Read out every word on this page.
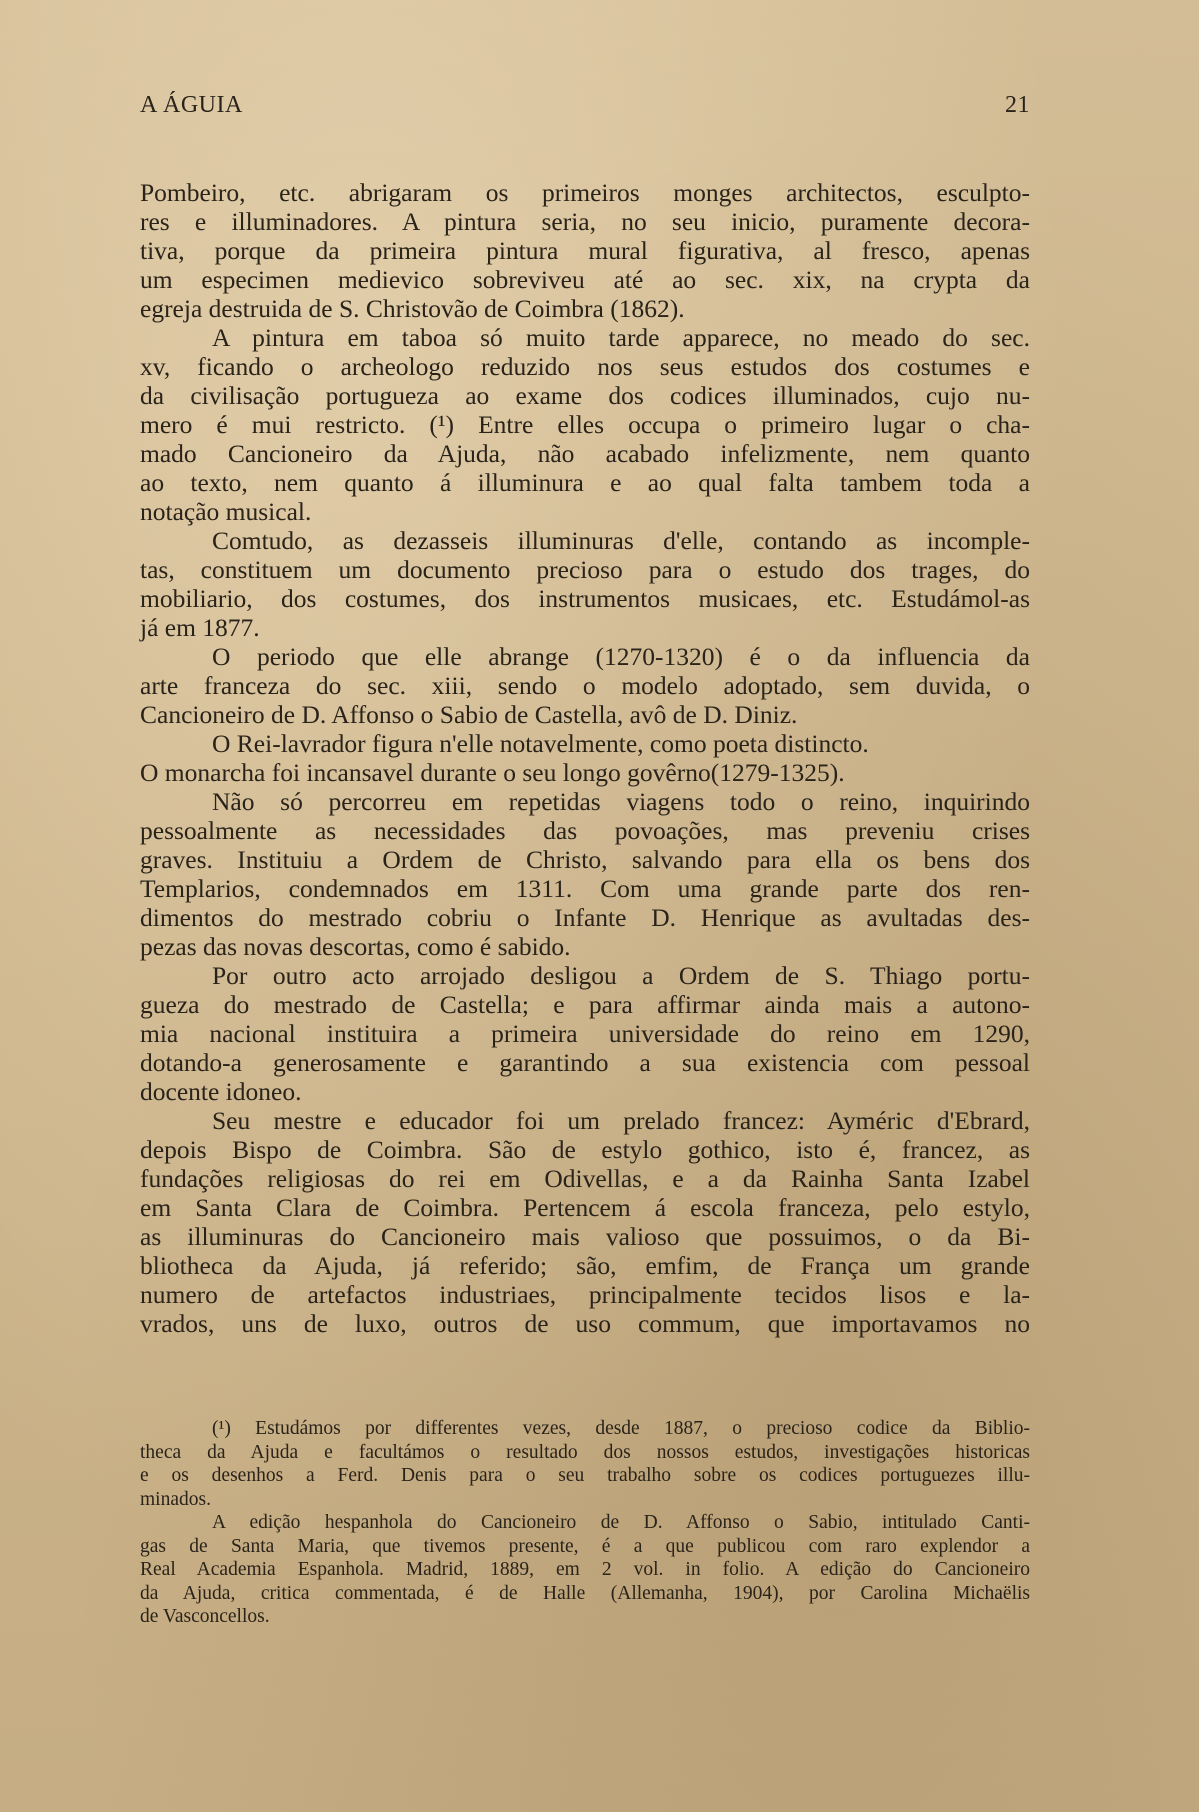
A ÁGUIA	21
Pombeiro, etc. abrigaram os primeiros monges architectos, esculpto-
res e illuminadores. A pintura seria, no seu inicio, puramente decora-
tiva, porque da primeira pintura mural figurativa, al fresco, apenas
um especimen medievico sobreviveu até ao sec. xix, na crypta da
egreja destruida de S. Christovão de Coimbra (1862).
A pintura em taboa só muito tarde apparece, no meado do sec.
xv, ficando o archeologo reduzido nos seus estudos dos costumes e
da civilisação portugueza ao exame dos codices illuminados, cujo nu-
mero é mui restricto. (¹) Entre elles occupa o primeiro lugar o cha-
mado Cancioneiro da Ajuda, não acabado infelizmente, nem quanto
ao texto, nem quanto á illuminura e ao qual falta tambem toda a
notação musical.
Comtudo, as dezasseis illuminuras d'elle, contando as incomple-
tas, constituem um documento precioso para o estudo dos trages, do
mobiliario, dos costumes, dos instrumentos musicaes, etc. Estudámol-as
já em 1877.
O periodo que elle abrange (1270-1320) é o da influencia da
arte franceza do sec. xiii, sendo o modelo adoptado, sem duvida, o
Cancioneiro de D. Affonso o Sabio de Castella, avô de D. Diniz.
O Rei-lavrador figura n'elle notavelmente, como poeta distincto.
O monarcha foi incansavel durante o seu longo govêrno(1279-1325).
Não só percorreu em repetidas viagens todo o reino, inquirindo
pessoalmente as necessidades das povoações, mas preveniu crises
graves. Instituiu a Ordem de Christo, salvando para ella os bens dos
Templarios, condemnados em 1311. Com uma grande parte dos ren-
dimentos do mestrado cobriu o Infante D. Henrique as avultadas des-
pezas das novas descortas, como é sabido.
Por outro acto arrojado desligou a Ordem de S. Thiago portu-
gueza do mestrado de Castella; e para affirmar ainda mais a autono-
mia nacional instituira a primeira universidade do reino em 1290,
dotando-a generosamente e garantindo a sua existencia com pessoal
docente idoneo.
Seu mestre e educador foi um prelado francez: Ayméric d'Ebrard,
depois Bispo de Coimbra. São de estylo gothico, isto é, francez, as
fundações religiosas do rei em Odivellas, e a da Rainha Santa Izabel
em Santa Clara de Coimbra. Pertencem á escola franceza, pelo estylo,
as illuminuras do Cancioneiro mais valioso que possuimos, o da Bi-
bliotheca da Ajuda, já referido; são, emfim, de França um grande
numero de artefactos industriaes, principalmente tecidos lisos e la-
vrados, uns de luxo, outros de uso commum, que importavamos no
(¹) Estudámos por differentes vezes, desde 1887, o precioso codice da Biblio-
theca da Ajuda e facultámos o resultado dos nossos estudos, investigações historicas
e os desenhos a Ferd. Denis para o seu trabalho sobre os codices portuguezes illu-
minados.
A edição hespanhola do Cancioneiro de D. Affonso o Sabio, intitulado Canti-
gas de Santa Maria, que tivemos presente, é a que publicou com raro explendor a
Real Academia Espanhola. Madrid, 1889, em 2 vol. in folio. A edição do Cancioneiro
da Ajuda, critica commentada, é de Halle (Allemanha, 1904), por Carolina Michaëlis
de Vasconcellos.
